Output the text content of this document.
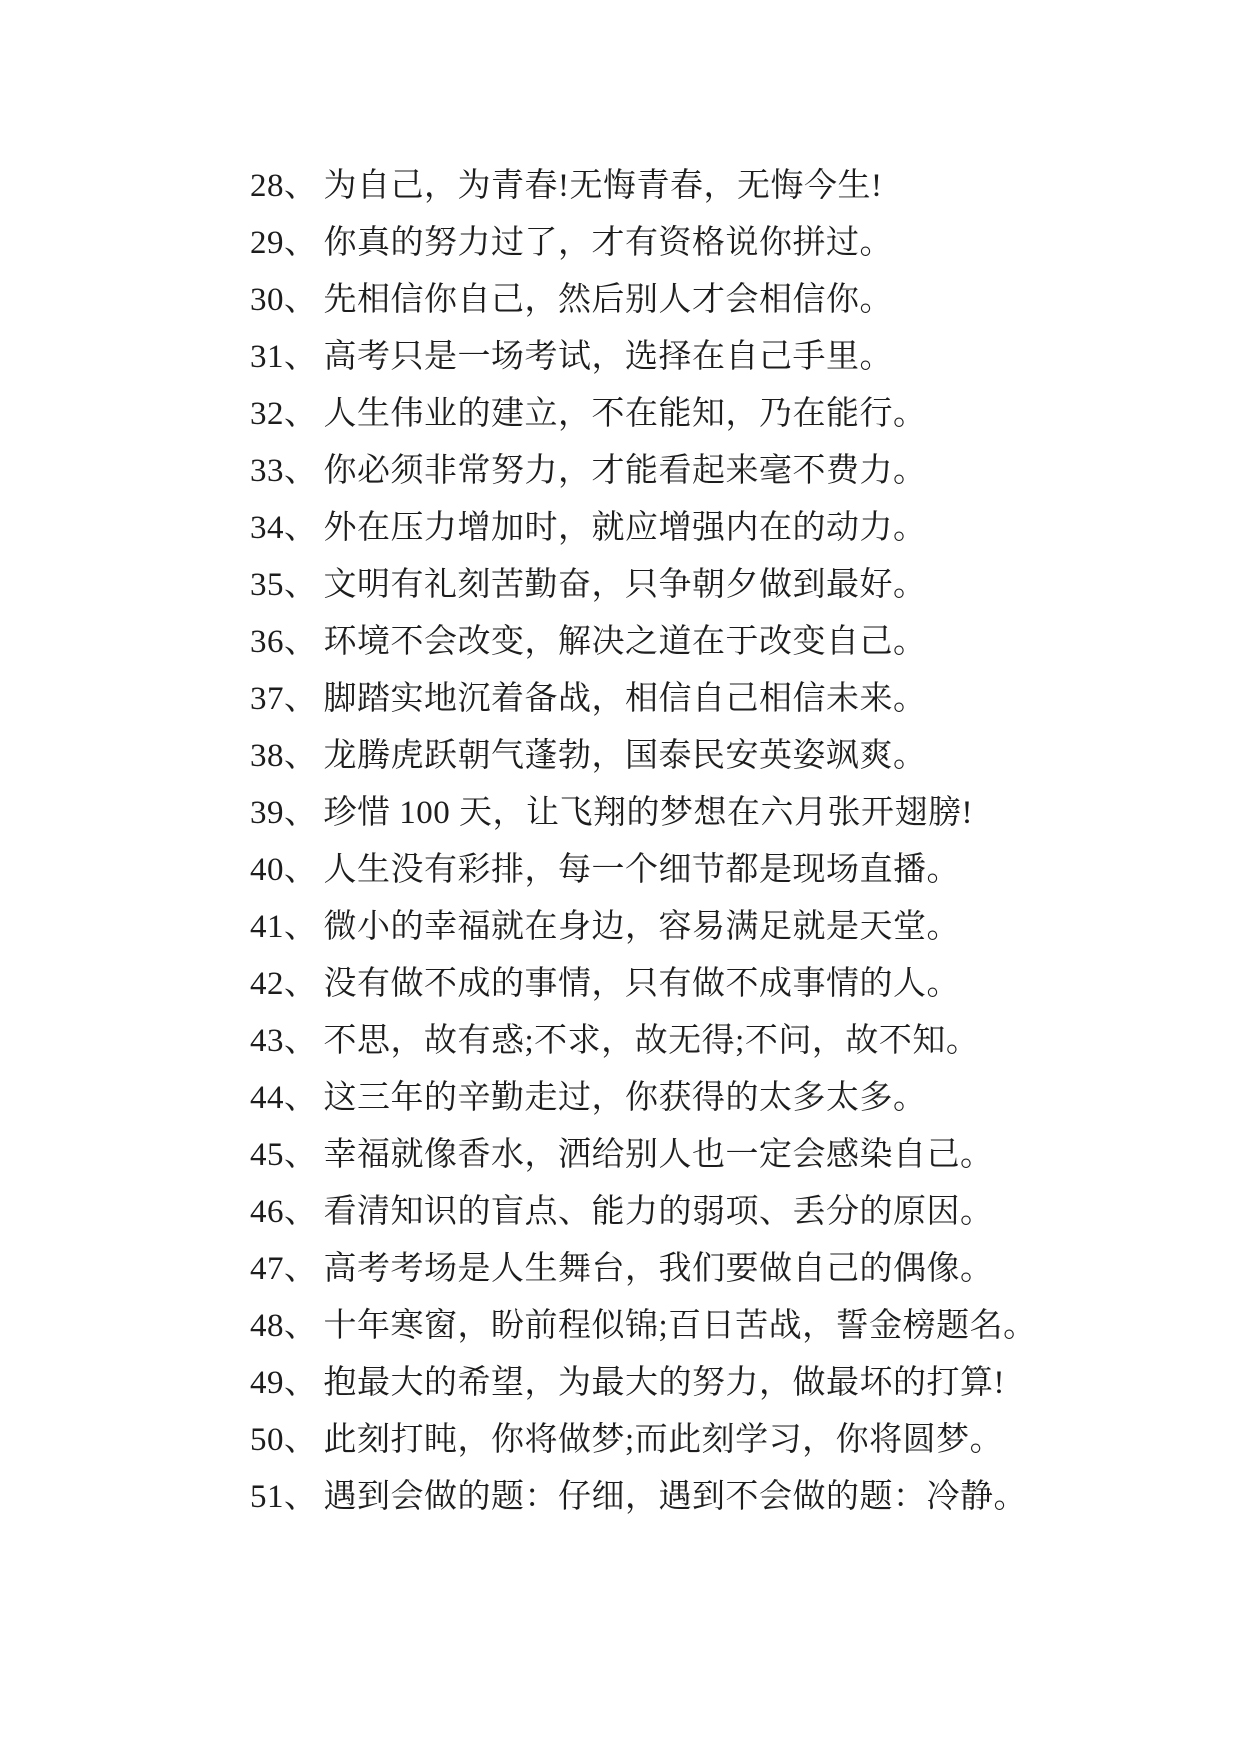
28、 为自己，为青春!无悔青春，无悔今生!

29、 你真的努力过了，才有资格说你拼过。

30、 先相信你自己，然后别人才会相信你。

31、 高考只是一场考试，选择在自己手里。

32、 人生伟业的建立，不在能知，乃在能行。

33、 你必须非常努力，才能看起来毫不费力。

34、 外在压力增加时，就应增强内在的动力。

35、 文明有礼刻苦勤奋，只争朝夕做到最好。

36、 环境不会改变，解决之道在于改变自己。

37、 脚踏实地沉着备战，相信自己相信未来。

38、 龙腾虎跃朝气蓬勃，国泰民安英姿飒爽。

39、 珍惜 100 天，让飞翔的梦想在六月张开翅膀!

40、 人生没有彩排，每一个细节都是现场直播。

41、 微小的幸福就在身边，容易满足就是天堂。

42、 没有做不成的事情，只有做不成事情的人。

43、 不思，故有惑;不求，故无得;不问，故不知。

44、 这三年的辛勤走过，你获得的太多太多。

45、 幸福就像香水，洒给别人也一定会感染自己。

46、 看清知识的盲点、能力的弱项、丢分的原因。

47、 高考考场是人生舞台，我们要做自己的偶像。

48、 十年寒窗，盼前程似锦;百日苦战，誓金榜题名。

49、 抱最大的希望，为最大的努力，做最坏的打算!

50、 此刻打盹，你将做梦;而此刻学习，你将圆梦。

51、 遇到会做的题：仔细，遇到不会做的题：冷静。
